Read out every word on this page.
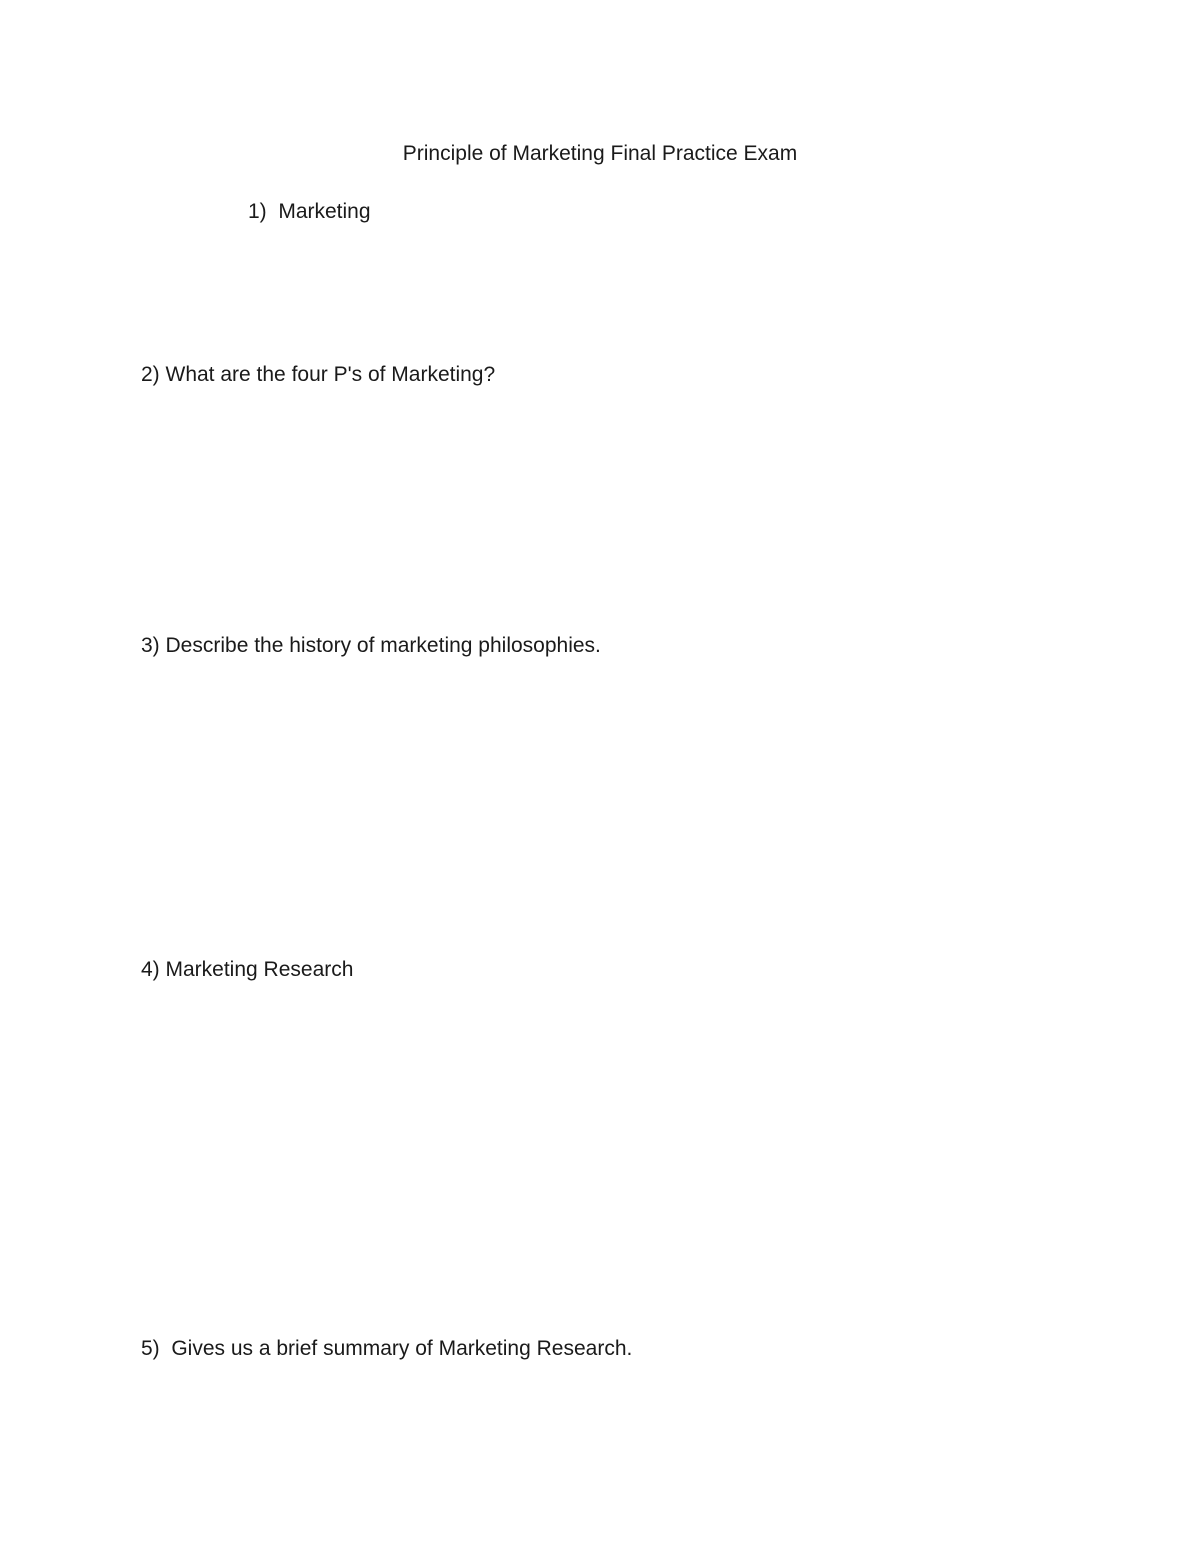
Principle of Marketing Final Practice Exam
1)  Marketing
2) What are the four P's of Marketing?
3) Describe the history of marketing philosophies.
4) Marketing Research
5)  Gives us a brief summary of Marketing Research.
